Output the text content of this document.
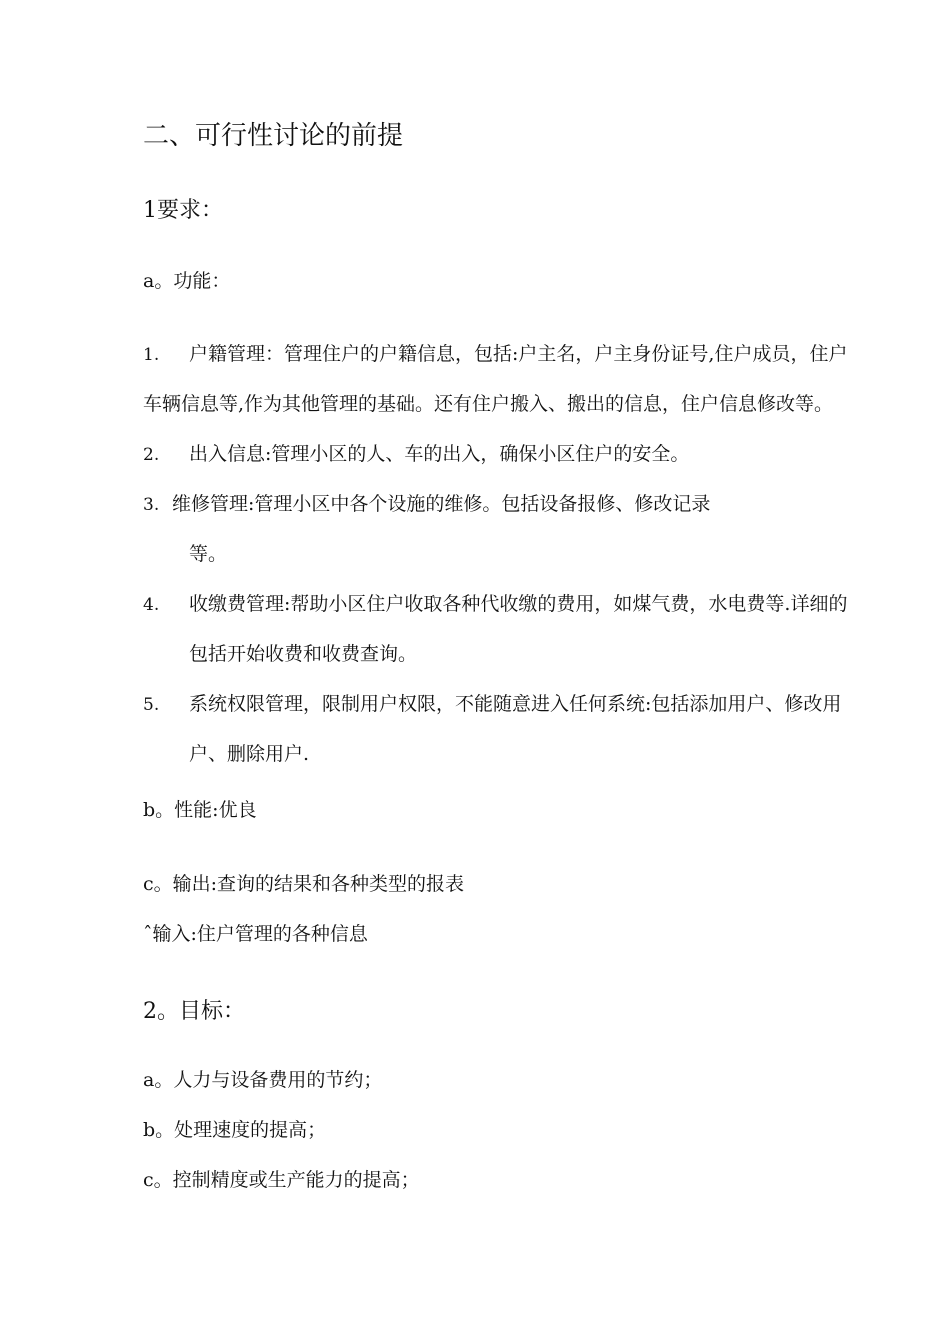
二、可行性讨论的前提
1要求：
a。功能：
1. 户籍管理：管理住户的户籍信息，包括:户主名，户主身份证号,住户成员，住户
车辆信息等,作为其他管理的基础。还有住户搬入、搬出的信息，住户信息修改等。
2. 出入信息:管理小区的人、车的出入，确保小区住户的安全。
3. 维修管理:管理小区中各个设施的维修。包括设备报修、修改记录
等。
4. 收缴费管理:帮助小区住户收取各种代收缴的费用，如煤气费，水电费等.详细的
包括开始收费和收费查询。
5. 系统权限管理，限制用户权限，不能随意进入任何系统:包括添加用户、修改用
户、删除用户.
b。性能:优良
c。输出:查询的结果和各种类型的报表
ˆ输入:住户管理的各种信息
2。目标：
a。人力与设备费用的节约；
b。处理速度的提高；
c。控制精度或生产能力的提高；
